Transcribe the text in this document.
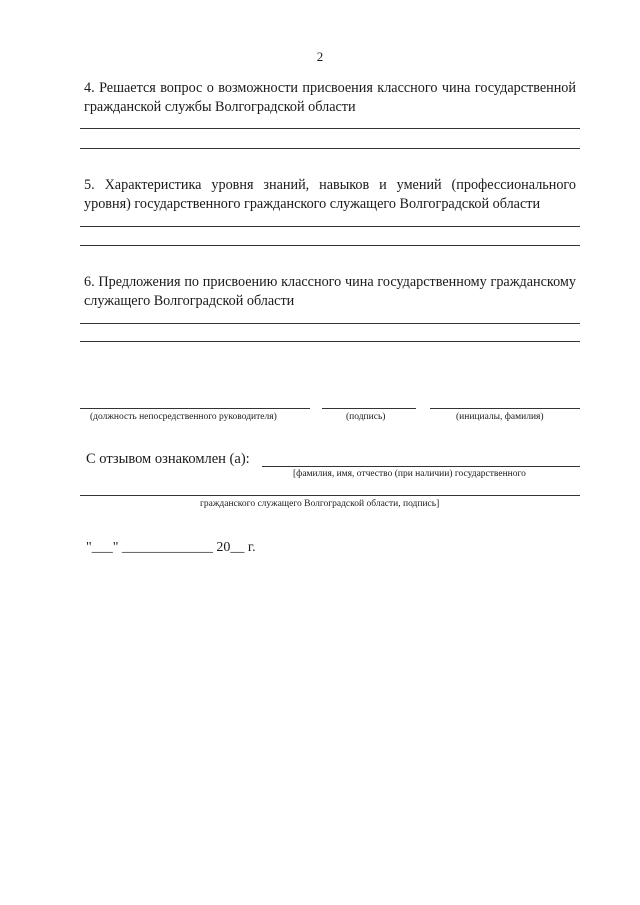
2
4. Решается вопрос о возможности присвоения классного чина государственной гражданской службы Волгоградской области
5. Характеристика уровня знаний, навыков и умений (профессионального уровня) государственного гражданского служащего Волгоградской области
6. Предложения по присвоению классного чина государственному гражданскому служащего Волгоградской области
(должность непосредственного руководителя)	(подпись)	(инициалы, фамилия)
С отзывом ознакомлен (а):
[фамилия, имя, отчество (при наличии) государственного
гражданского служащего Волгоградской области, подпись]
"___" _____________ 20__ г.
